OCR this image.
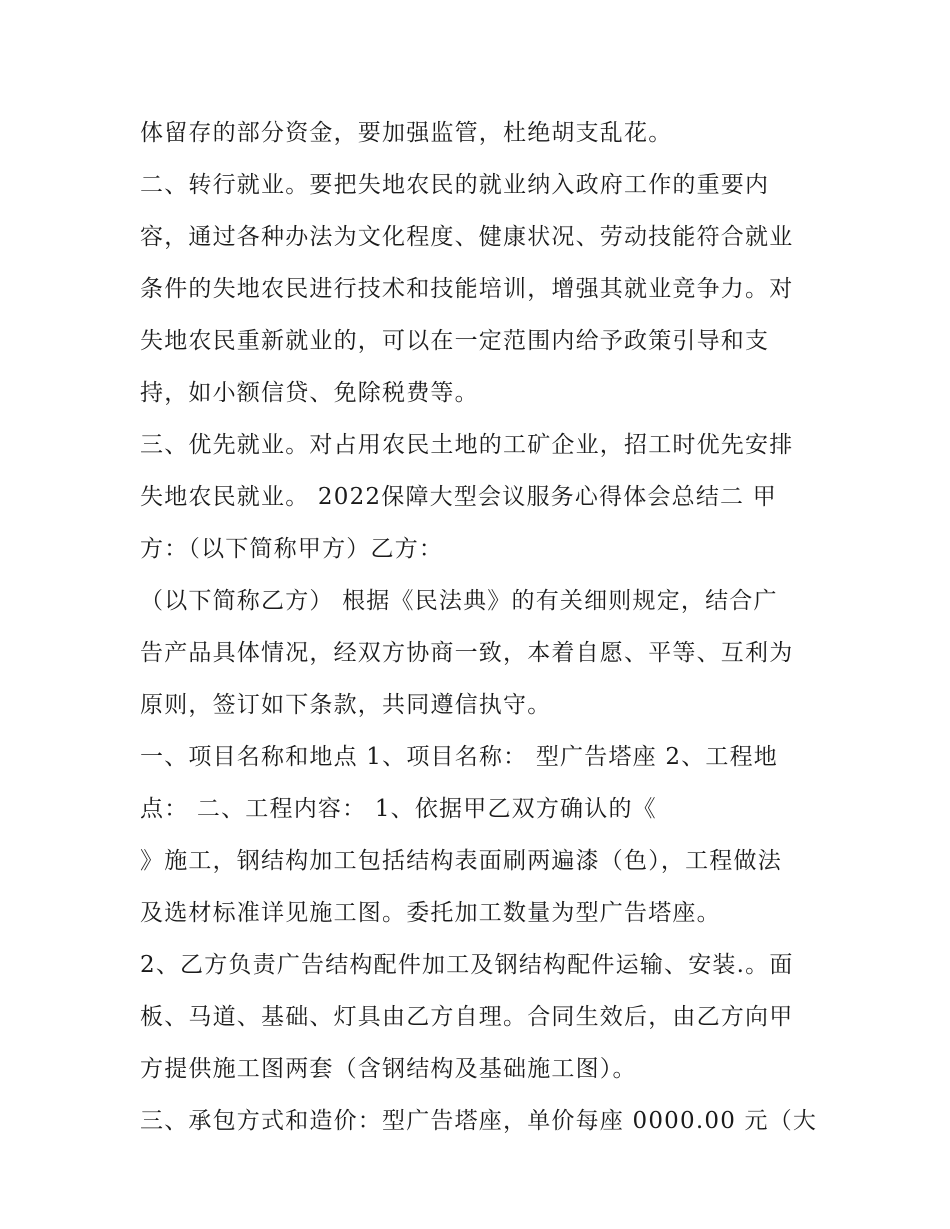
体留存的部分资金，要加强监管，杜绝胡支乱花。
二、转行就业。要把失地农民的就业纳入政府工作的重要内
容，通过各种办法为文化程度、健康状况、劳动技能符合就业
条件的失地农民进行技术和技能培训，增强其就业竞争力。对
失地农民重新就业的，可以在一定范围内给予政策引导和支
持，如小额信贷、免除税费等。
三、优先就业。对占用农民土地的工矿企业，招工时优先安排
失地农民就业。 2022保障大型会议服务心得体会总结二 甲
方：（以下简称甲方）乙方：
（以下简称乙方） 根据《民法典》的有关细则规定，结合广
告产品具体情况，经双方协商一致，本着自愿、平等、互利为
原则，签订如下条款，共同遵信执守。
一、项目名称和地点 1、项目名称： 型广告塔座 2、工程地
点： 二、工程内容： 1、依据甲乙双方确认的《
》施工，钢结构加工包括结构表面刷两遍漆（色），工程做法
及选材标准详见施工图。委托加工数量为型广告塔座。
2、乙方负责广告结构配件加工及钢结构配件运输、安装.。面
板、马道、基础、灯具由乙方自理。合同生效后，由乙方向甲
方提供施工图两套（含钢结构及基础施工图）。
三、承包方式和造价：型广告塔座，单价每座 0000.00 元（大
